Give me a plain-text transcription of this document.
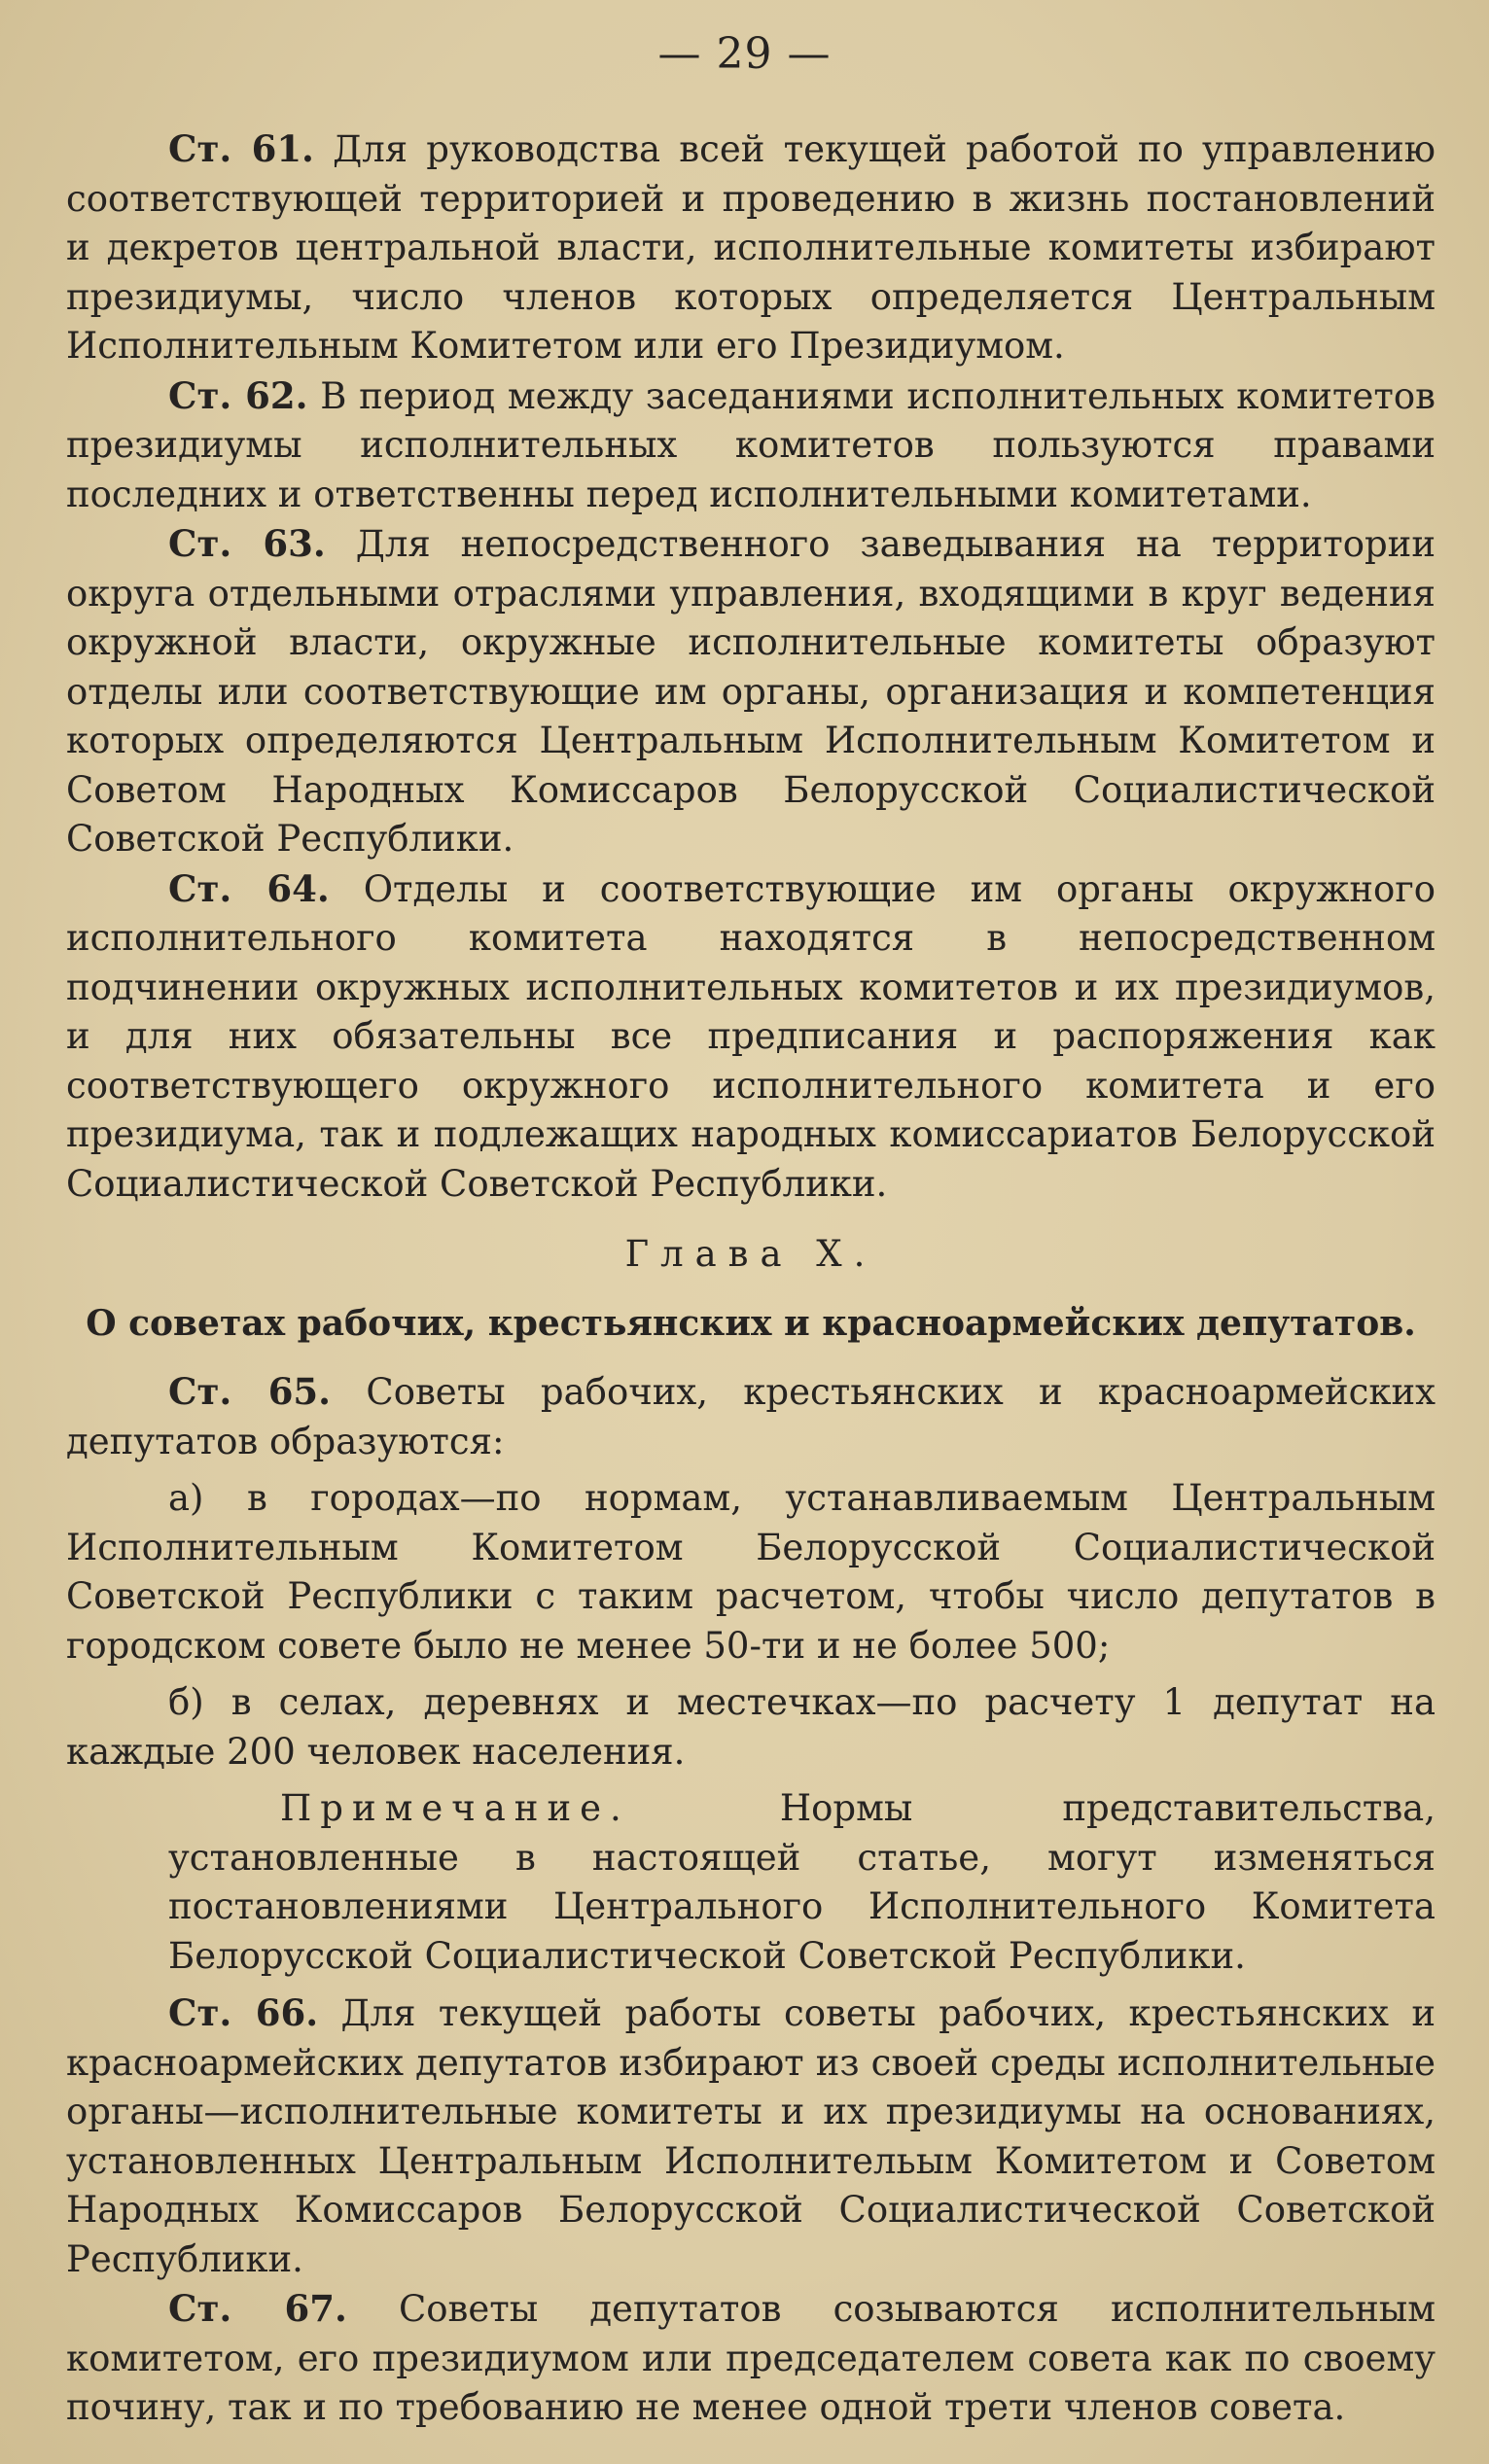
— 29 —

Ст. 61. Для руководства всей текущей работой по управлению соответствующей территорией и проведению в жизнь постановлений и декретов центральной власти, исполнительные комитеты избирают президиумы, число членов которых определяется Центральным Исполнительным Комитетом или его Президиумом.

Ст. 62. В период между заседаниями исполнительных комитетов президиумы исполнительных комитетов пользуются правами последних и ответственны перед исполнительными комитетами.

Ст. 63. Для непосредственного заведывания на территории округа отдельными отраслями управления, входящими в круг ведения окружной власти, окружные исполнительные комитеты образуют отделы или соответствующие им органы, организация и компетенция которых определяются Центральным Исполнительным Комитетом и Советом Народных Комиссаров Белорусской Социалистической Советской Республики.

Ст. 64. Отделы и соответствующие им органы окружного исполнительного комитета находятся в непосредственном подчинении окружных исполнительных комитетов и их президиумов, и для них обязательны все предписания и распоряжения как соответствующего окружного исполнительного комитета и его президиума, так и подлежащих народных комиссариатов Белорусской Социалистической Советской Республики.

Глава X.

О советах рабочих, крестьянских и красноармейских депутатов.

Ст. 65. Советы рабочих, крестьянских и красноармейских депутатов образуются:

а) в городах—по нормам, устанавливаемым Центральным Исполнительным Комитетом Белорусской Социалистической Советской Республики с таким расчетом, чтобы число депутатов в городском совете было не менее 50-ти и не более 500;

б) в селах, деревнях и местечках—по расчету 1 депутат на каждые 200 человек населения.

Примечание.	Нормы представительства, установленные в настоящей статье, могут изменяться постановлениями Центрального Исполнительного Комитета Белорусской Социалистической Советской Республики.

Ст. 66. Для текущей работы советы рабочих, крестьянских и красноармейских депутатов избирают из своей среды исполнительные органы—исполнительные комитеты и их президиумы на основаниях, установленных Центральным Исполнительым Комитетом и Советом Народных Комиссаров Белорусской Социалистической Советской Республики.

Ст. 67. Советы депутатов созываются исполнительным комитетом, его президиумом или председателем совета как по своему почину, так и по требованию не менее одной трети членов совета.
